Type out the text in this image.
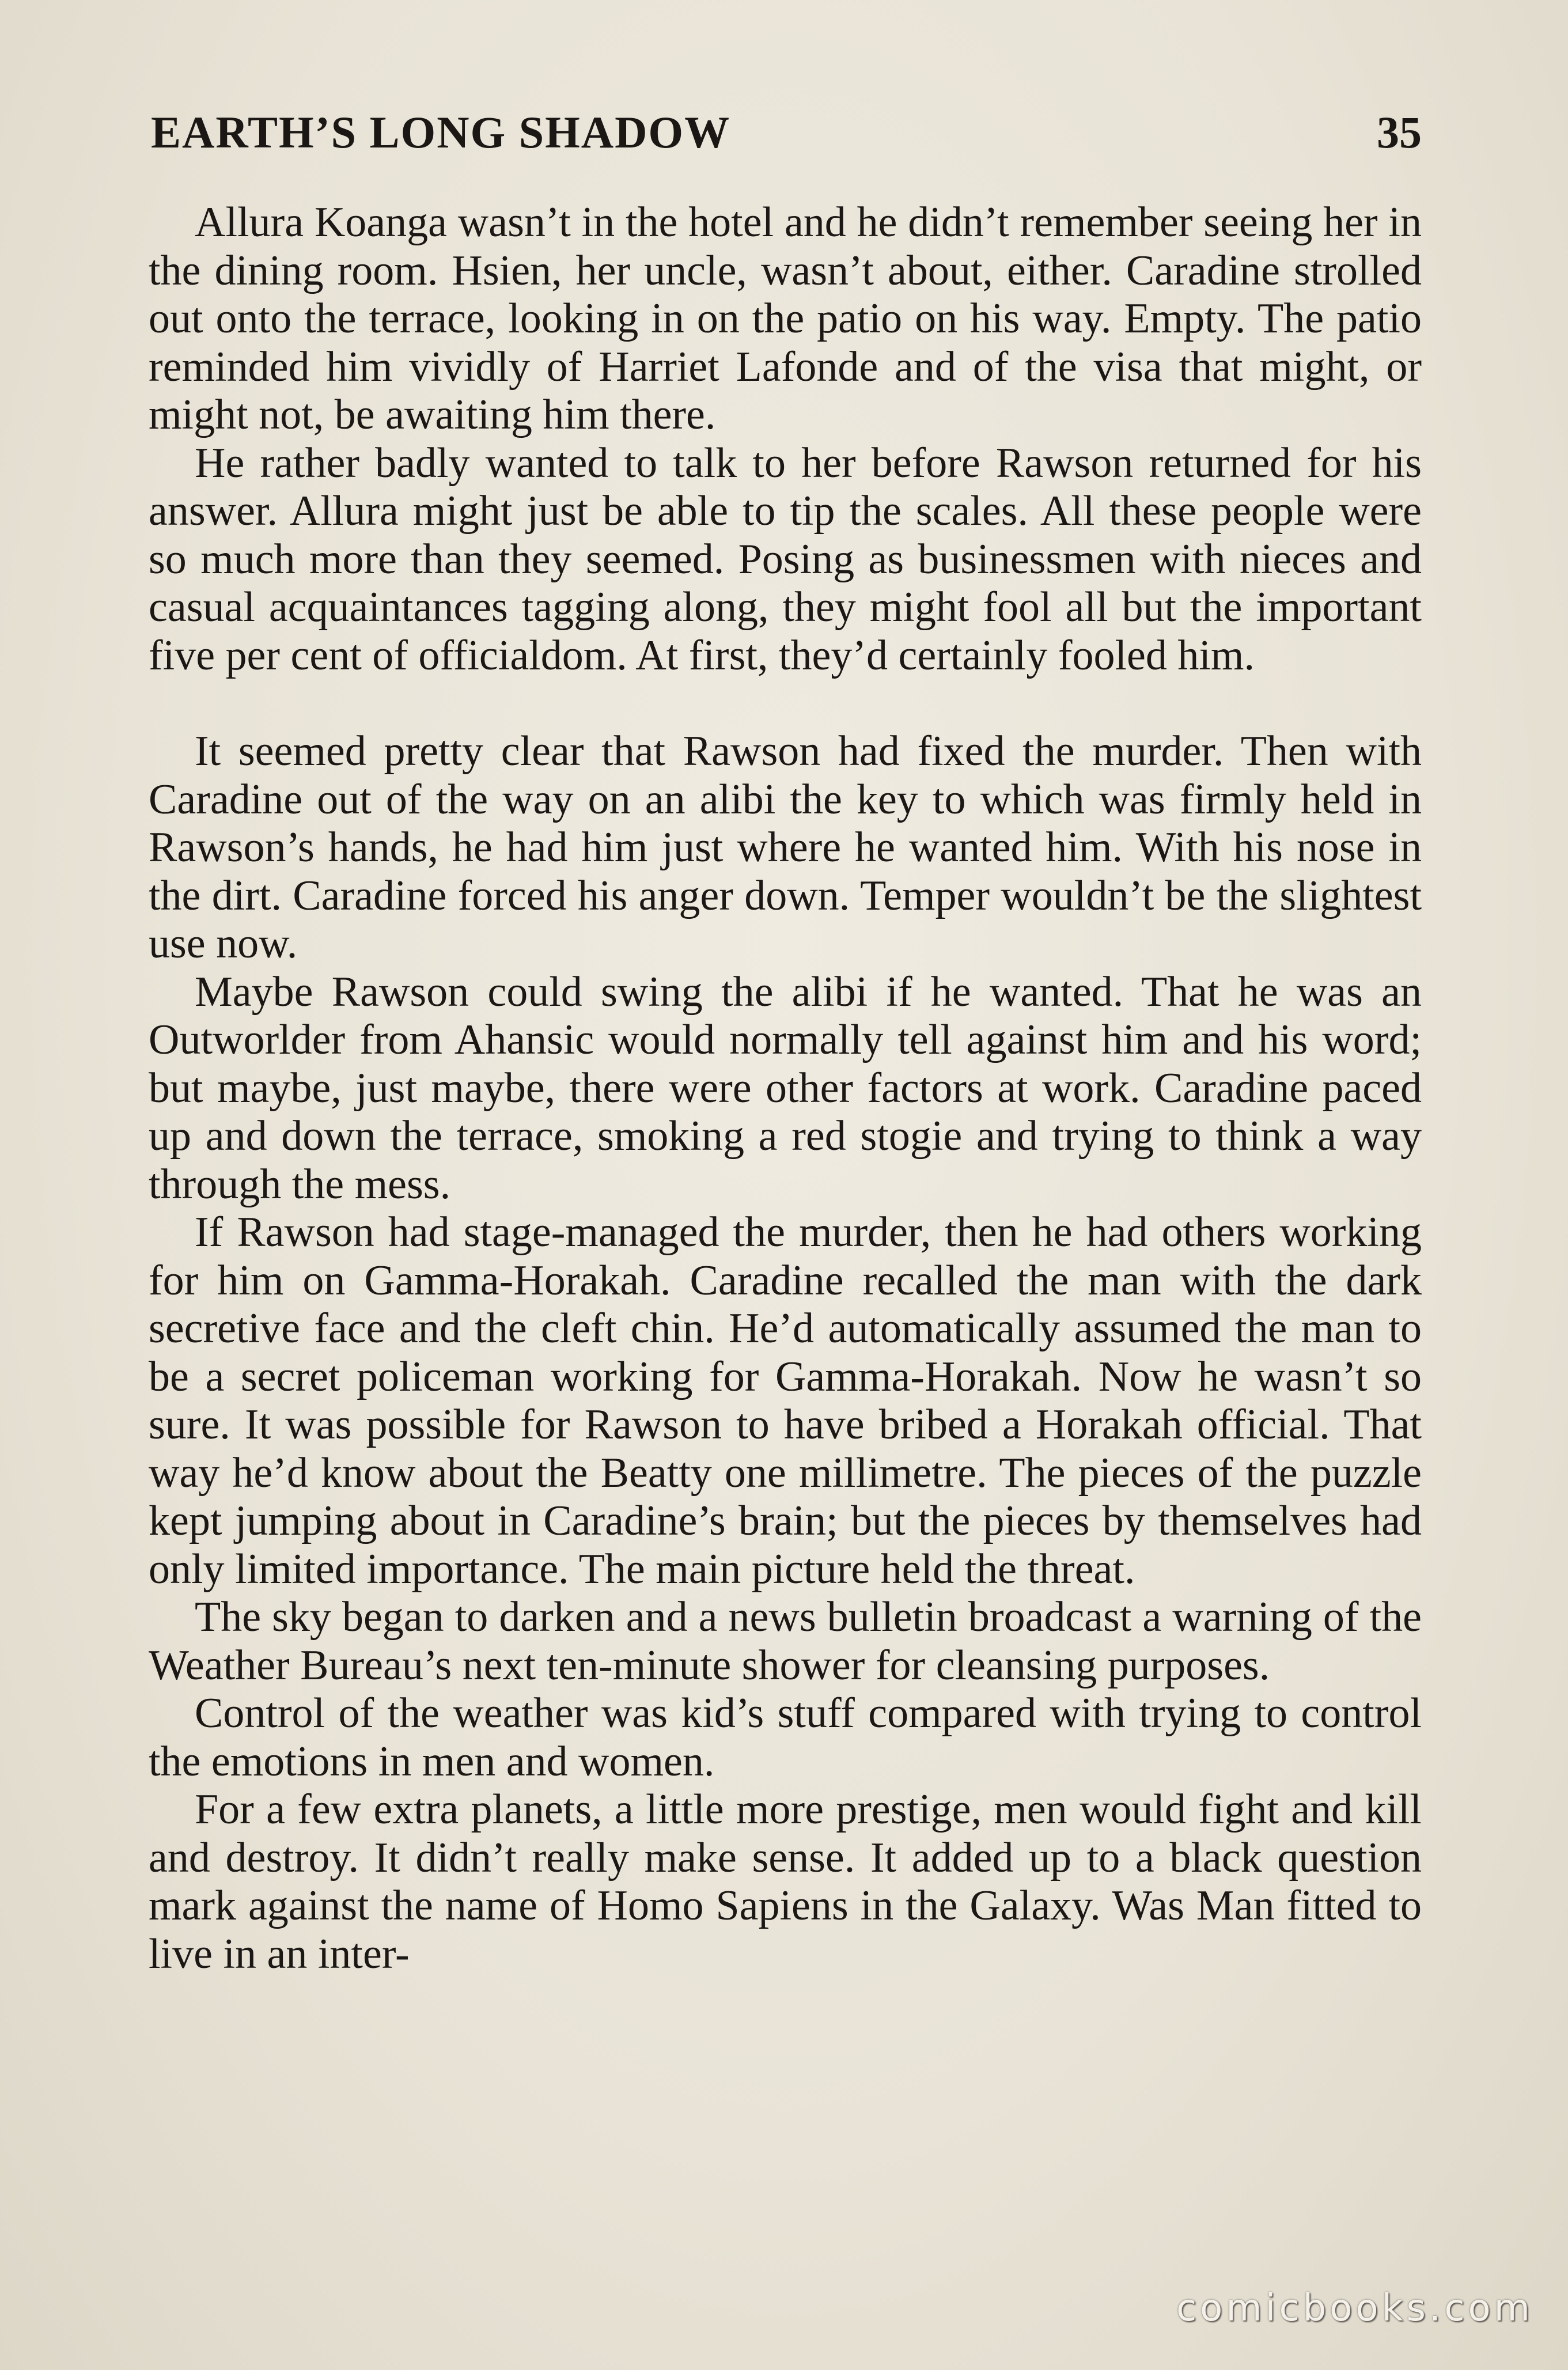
EARTH’S LONG SHADOW	35

Allura Koanga wasn’t in the hotel and he didn’t remember seeing her in the dining room. Hsien, her uncle, wasn’t about, either. Caradine strolled out onto the terrace, looking in on the patio on his way. Empty. The patio reminded him vividly of Harriet Lafonde and of the visa that might, or might not, be awaiting him there.

He rather badly wanted to talk to her before Rawson returned for his answer. Allura might just be able to tip the scales. All these people were so much more than they seemed. Posing as businessmen with nieces and casual acquaintances tagging along, they might fool all but the important five per cent of officialdom. At first, they’d certainly fooled him.

It seemed pretty clear that Rawson had fixed the murder. Then with Caradine out of the way on an alibi the key to which was firmly held in Rawson’s hands, he had him just where he wanted him. With his nose in the dirt. Caradine forced his anger down. Temper wouldn’t be the slightest use now.

Maybe Rawson could swing the alibi if he wanted. That he was an Outworlder from Ahansic would normally tell against him and his word; but maybe, just maybe, there were other factors at work. Caradine paced up and down the terrace, smoking a red stogie and trying to think a way through the mess.

If Rawson had stage-managed the murder, then he had others working for him on Gamma-Horakah. Caradine recalled the man with the dark secretive face and the cleft chin. He’d automatically assumed the man to be a secret policeman working for Gamma-Horakah. Now he wasn’t so sure. It was possible for Rawson to have bribed a Horakah official. That way he’d know about the Beatty one millimetre. The pieces of the puzzle kept jumping about in Caradine’s brain; but the pieces by themselves had only limited importance. The main picture held the threat.

The sky began to darken and a news bulletin broadcast a warning of the Weather Bureau’s next ten-minute shower for cleansing purposes.

Control of the weather was kid’s stuff compared with trying to control the emotions in men and women.

For a few extra planets, a little more prestige, men would fight and kill and destroy. It didn’t really make sense. It added up to a black question mark against the name of Homo Sapiens in the Galaxy. Was Man fitted to live in an inter-

comicbooks.com
